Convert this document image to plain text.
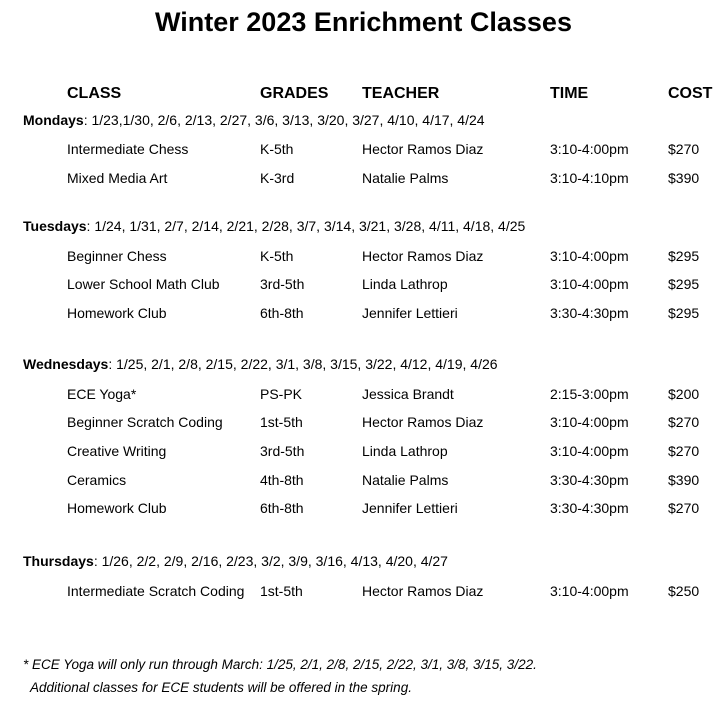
Winter 2023 Enrichment Classes
CLASS	GRADES TEACHER	TIME	COST
Mondays: 1/23,1/30, 2/6, 2/13, 2/27, 3/6, 3/13, 3/20, 3/27, 4/10, 4/17, 4/24
Intermediate Chess	K-5th	Hector Ramos Diaz	3:10-4:00pm	$270
Mixed Media Art	K-3rd	Natalie Palms	3:10-4:10pm	$390
Tuesdays: 1/24, 1/31, 2/7, 2/14, 2/21, 2/28, 3/7, 3/14, 3/21, 3/28, 4/11, 4/18, 4/25
Beginner Chess	K-5th	Hector Ramos Diaz	3:10-4:00pm	$295
Lower School Math Club	3rd-5th	Linda Lathrop	3:10-4:00pm	$295
Homework Club	6th-8th	Jennifer Lettieri	3:30-4:30pm	$295
Wednesdays: 1/25, 2/1, 2/8, 2/15, 2/22, 3/1, 3/8, 3/15, 3/22, 4/12, 4/19, 4/26
ECE Yoga*	PS-PK	Jessica Brandt	2:15-3:00pm	$200
Beginner Scratch Coding	1st-5th	Hector Ramos Diaz	3:10-4:00pm	$270
Creative Writing	3rd-5th	Linda Lathrop	3:10-4:00pm	$270
Ceramics	4th-8th	Natalie Palms	3:30-4:30pm	$390
Homework Club	6th-8th	Jennifer Lettieri	3:30-4:30pm	$270
Thursdays: 1/26, 2/2, 2/9, 2/16, 2/23, 3/2, 3/9, 3/16, 4/13, 4/20, 4/27
Intermediate Scratch Coding 1st-5th	Hector Ramos Diaz	3:10-4:00pm	$250
* ECE Yoga will only run through March: 1/25, 2/1, 2/8, 2/15, 2/22, 3/1, 3/8, 3/15, 3/22.
Additional classes for ECE students will be offered in the spring.
